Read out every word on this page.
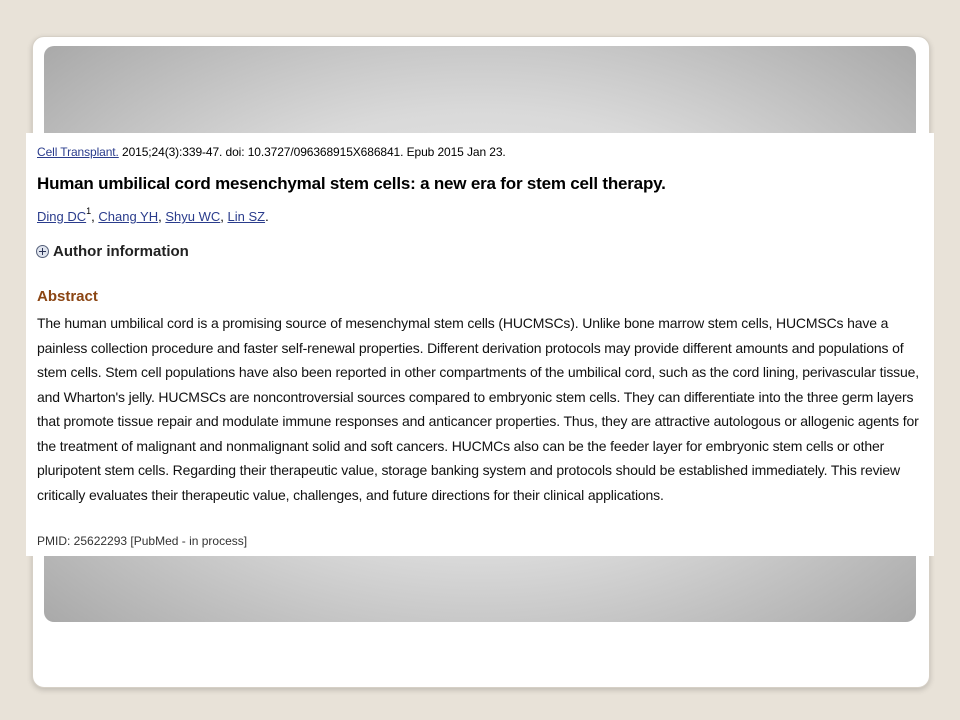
Cell Transplant. 2015;24(3):339-47. doi: 10.3727/096368915X686841. Epub 2015 Jan 23.
Human umbilical cord mesenchymal stem cells: a new era for stem cell therapy.
Ding $DC^1$, Chang YH, Shyu WC, Lin SZ.
Author information
Abstract
The human umbilical cord is a promising source of mesenchymal stem cells (HUCMSCs). Unlike bone marrow stem cells, HUCMSCs have a painless collection procedure and faster self-renewal properties. Different derivation protocols may provide different amounts and populations of stem cells. Stem cell populations have also been reported in other compartments of the umbilical cord, such as the cord lining, perivascular tissue, and Wharton's jelly. HUCMSCs are noncontroversial sources compared to embryonic stem cells. They can differentiate into the three germ layers that promote tissue repair and modulate immune responses and anticancer properties. Thus, they are attractive autologous or allogenic agents for the treatment of malignant and nonmalignant solid and soft cancers. HUCMCs also can be the feeder layer for embryonic stem cells or other pluripotent stem cells. Regarding their therapeutic value, storage banking system and protocols should be established immediately. This review critically evaluates their therapeutic value, challenges, and future directions for their clinical applications.
PMID: 25622293 [PubMed - in process]
